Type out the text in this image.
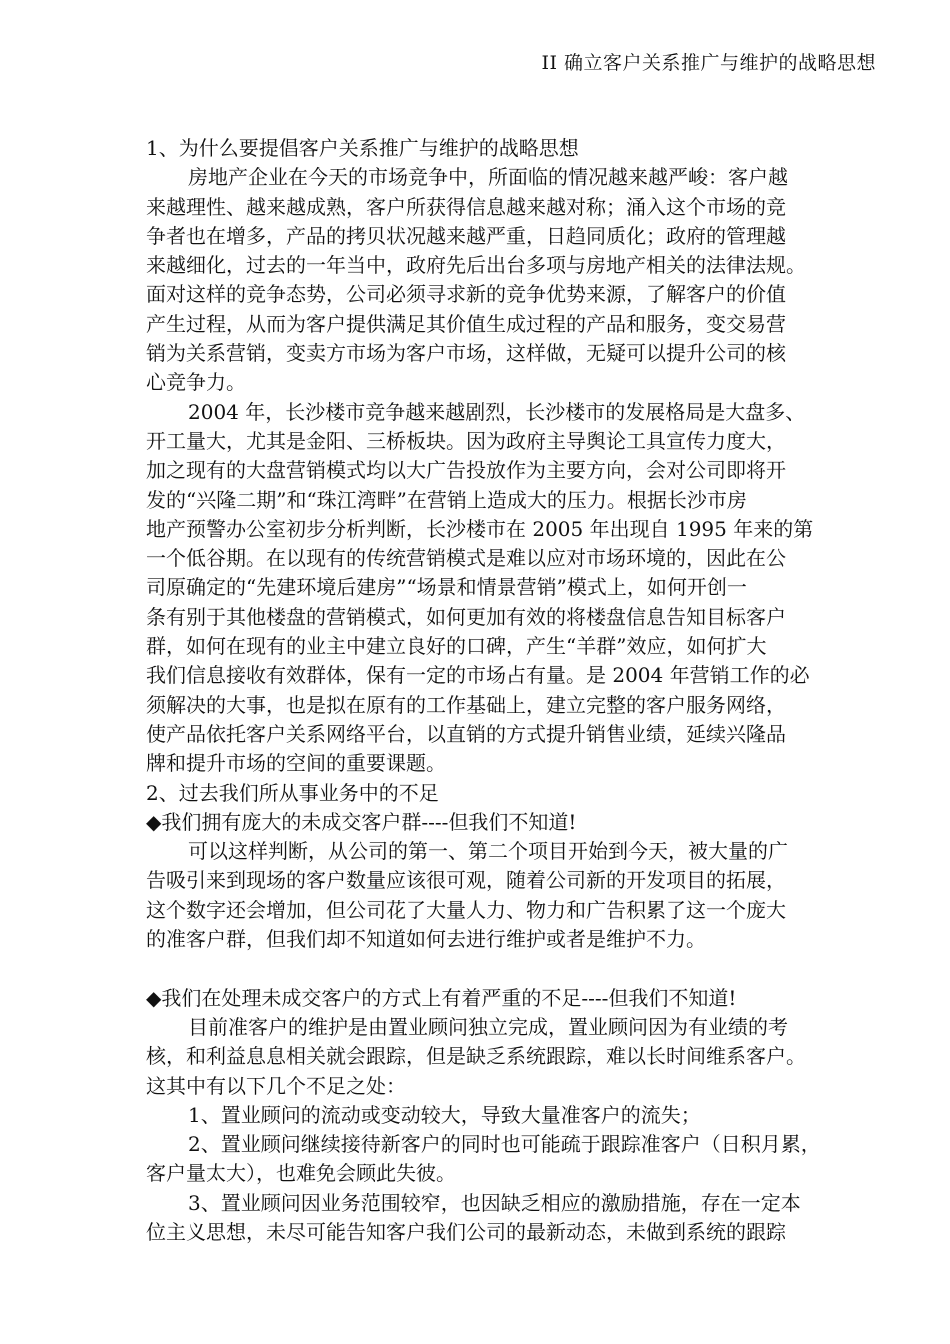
II 确立客户关系推广与维护的战略思想
1、为什么要提倡客户关系推广与维护的战略思想
房地产企业在今天的市场竞争中，所面临的情况越来越严峻：客户越
来越理性、越来越成熟，客户所获得信息越来越对称；涌入这个市场的竞
争者也在增多，产品的拷贝状况越来越严重，日趋同质化；政府的管理越
来越细化，过去的一年当中，政府先后出台多项与房地产相关的法律法规。
面对这样的竞争态势，公司必须寻求新的竞争优势来源，了解客户的价值
产生过程，从而为客户提供满足其价值生成过程的产品和服务，变交易营
销为关系营销，变卖方市场为客户市场，这样做，无疑可以提升公司的核
心竞争力。
2004 年，长沙楼市竞争越来越剧烈，长沙楼市的发展格局是大盘多、
开工量大，尤其是金阳、三桥板块。因为政府主导舆论工具宣传力度大，
加之现有的大盘营销模式均以大广告投放作为主要方向，会对公司即将开
发的“兴隆二期”和“珠江湾畔”在营销上造成大的压力。根据长沙市房
地产预警办公室初步分析判断，长沙楼市在 2005 年出现自 1995 年来的第
一个低谷期。在以现有的传统营销模式是难以应对市场环境的，因此在公
司原确定的“先建环境后建房”“场景和情景营销”模式上，如何开创一
条有别于其他楼盘的营销模式，如何更加有效的将楼盘信息告知目标客户
群，如何在现有的业主中建立良好的口碑，产生“羊群”效应，如何扩大
我们信息接收有效群体，保有一定的市场占有量。是 2004 年营销工作的必
须解决的大事，也是拟在原有的工作基础上，建立完整的客户服务网络，
使产品依托客户关系网络平台，以直销的方式提升销售业绩，延续兴隆品
牌和提升市场的空间的重要课题。
2、过去我们所从事业务中的不足
◆我们拥有庞大的未成交客户群----但我们不知道!
可以这样判断，从公司的第一、第二个项目开始到今天，被大量的广
告吸引来到现场的客户数量应该很可观，随着公司新的开发项目的拓展，
这个数字还会增加，但公司花了大量人力、物力和广告积累了这一个庞大
的准客户群，但我们却不知道如何去进行维护或者是维护不力。
◆我们在处理未成交客户的方式上有着严重的不足----但我们不知道!
目前准客户的维护是由置业顾问独立完成，置业顾问因为有业绩的考
核，和利益息息相关就会跟踪，但是缺乏系统跟踪，难以长时间维系客户。
这其中有以下几个不足之处：
1、置业顾问的流动或变动较大，导致大量准客户的流失；
2、置业顾问继续接待新客户的同时也可能疏于跟踪准客户（日积月累，
客户量太大），也难免会顾此失彼。
3、置业顾问因业务范围较窄，也因缺乏相应的激励措施，存在一定本
位主义思想，未尽可能告知客户我们公司的最新动态，未做到系统的跟踪
